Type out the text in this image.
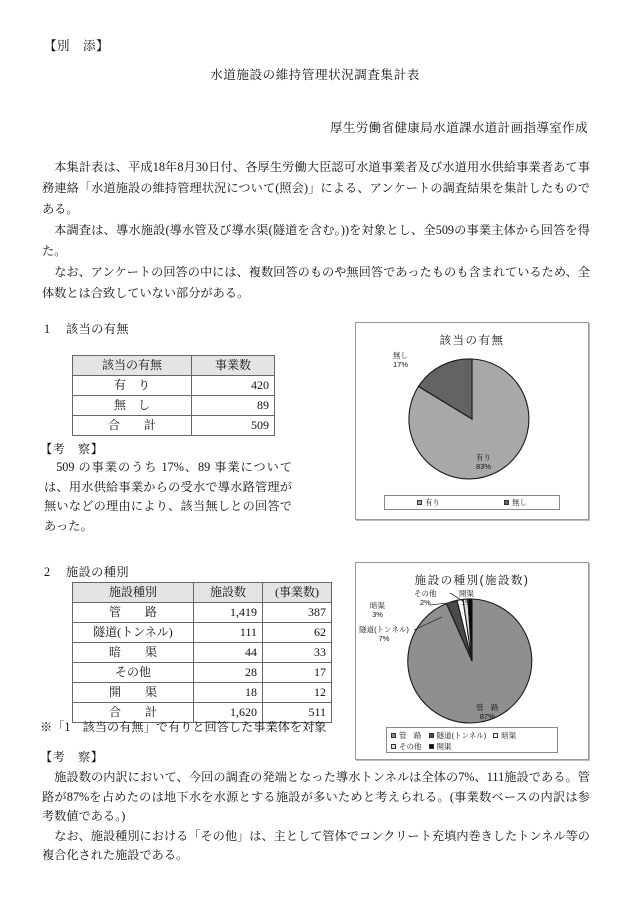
【別　添】
水道施設の維持管理状況調査集計表
厚生労働省健康局水道課水道計画指導室作成

本集計表は、平成18年8月30日付、各厚生労働大臣認可水道事業者及び水道用水供給事業者あて事務連絡「水道施設の維持管理状況について(照会)」による、アンケートの調査結果を集計したものである。

本調査は、導水施設(導水管及び導水渠(隧道を含む。))を対象とし、全509の事業主体から回答を得た。

なお、アンケートの回答の中には、複数回答のものや無回答であったものも含まれているため、全体数とは合致していない部分がある。

1 該当の有無
該当の有無	事業数
有　り	420
無　し	89
合　　計	509
【考　察】

509 の事業のうち 17%、89 事業については、用水供給事業からの受水で導水路管理が無いなどの理由により、該当無しとの回答であった。

該当の有無
無し
17%
有り
83%
有り	無し
2 施設の種別
施設種別	施設数	(事業数)
管　　路	1,419	387
隧道(トンネル)	111	62
暗　　渠	44	33
その他	28	17
開　　渠	18	12
合　　計	1,620	511
※「1　該当の有無」で有りと回答した事業体を対象
【考　察】

施設数の内訳において、今回の調査の発端となった導水トンネルは全体の7%、111施設である。管路が87%を占めたのは地下水を水源とする施設が多いためと考えられる。(事業数ベースの内訳は参考数値である。)

なお、施設種別における「その他」は、主として管体でコンクリート充填内巻きしたトンネル等の複合化された施設である。

施設の種別(施設数)
その他
2%
開渠
1%
暗渠
3%
隧道(トンネル)
7%
管　路
87%
管　路 隧道(トンネル) 暗渠
その他 開渠
